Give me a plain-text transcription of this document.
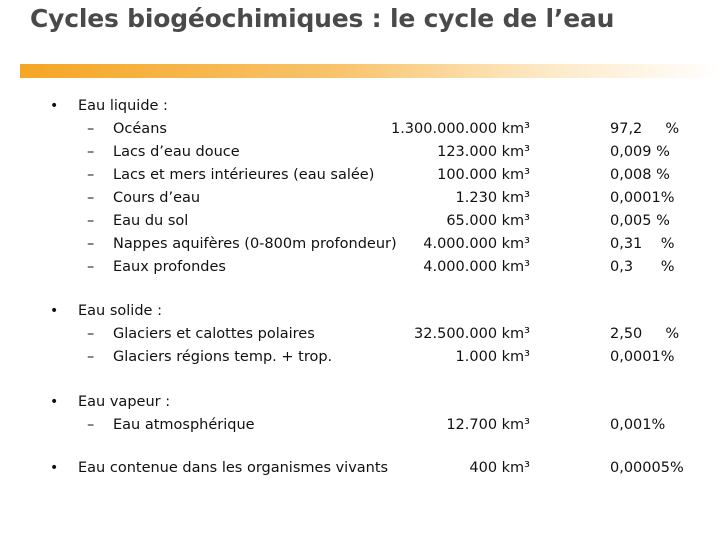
Cycles biogéochimiques : le cycle de l’eau
• Eau liquide :
– Océans	1.300.000.000 km³	97,2     %
– Lacs d’eau douce	123.000 km³	0,009 %
– Lacs et mers intérieures (eau salée)	100.000 km³	0,008 %
– Cours d’eau	1.230 km³	0,0001%
– Eau du sol	65.000 km³	0,005 %
– Nappes aquifères (0-800m profondeur) 4.000.000 km³	0,31    %
– Eaux profondes	4.000.000 km³	0,3      %
• Eau solide :
– Glaciers et calottes polaires	32.500.000 km³	2,50     %
– Glaciers régions temp. + trop.	1.000 km³	0,0001%
• Eau vapeur :
– Eau atmosphérique	12.700 km³	0,001%
• Eau contenue dans les organismes vivants	400 km³	0,00005%
